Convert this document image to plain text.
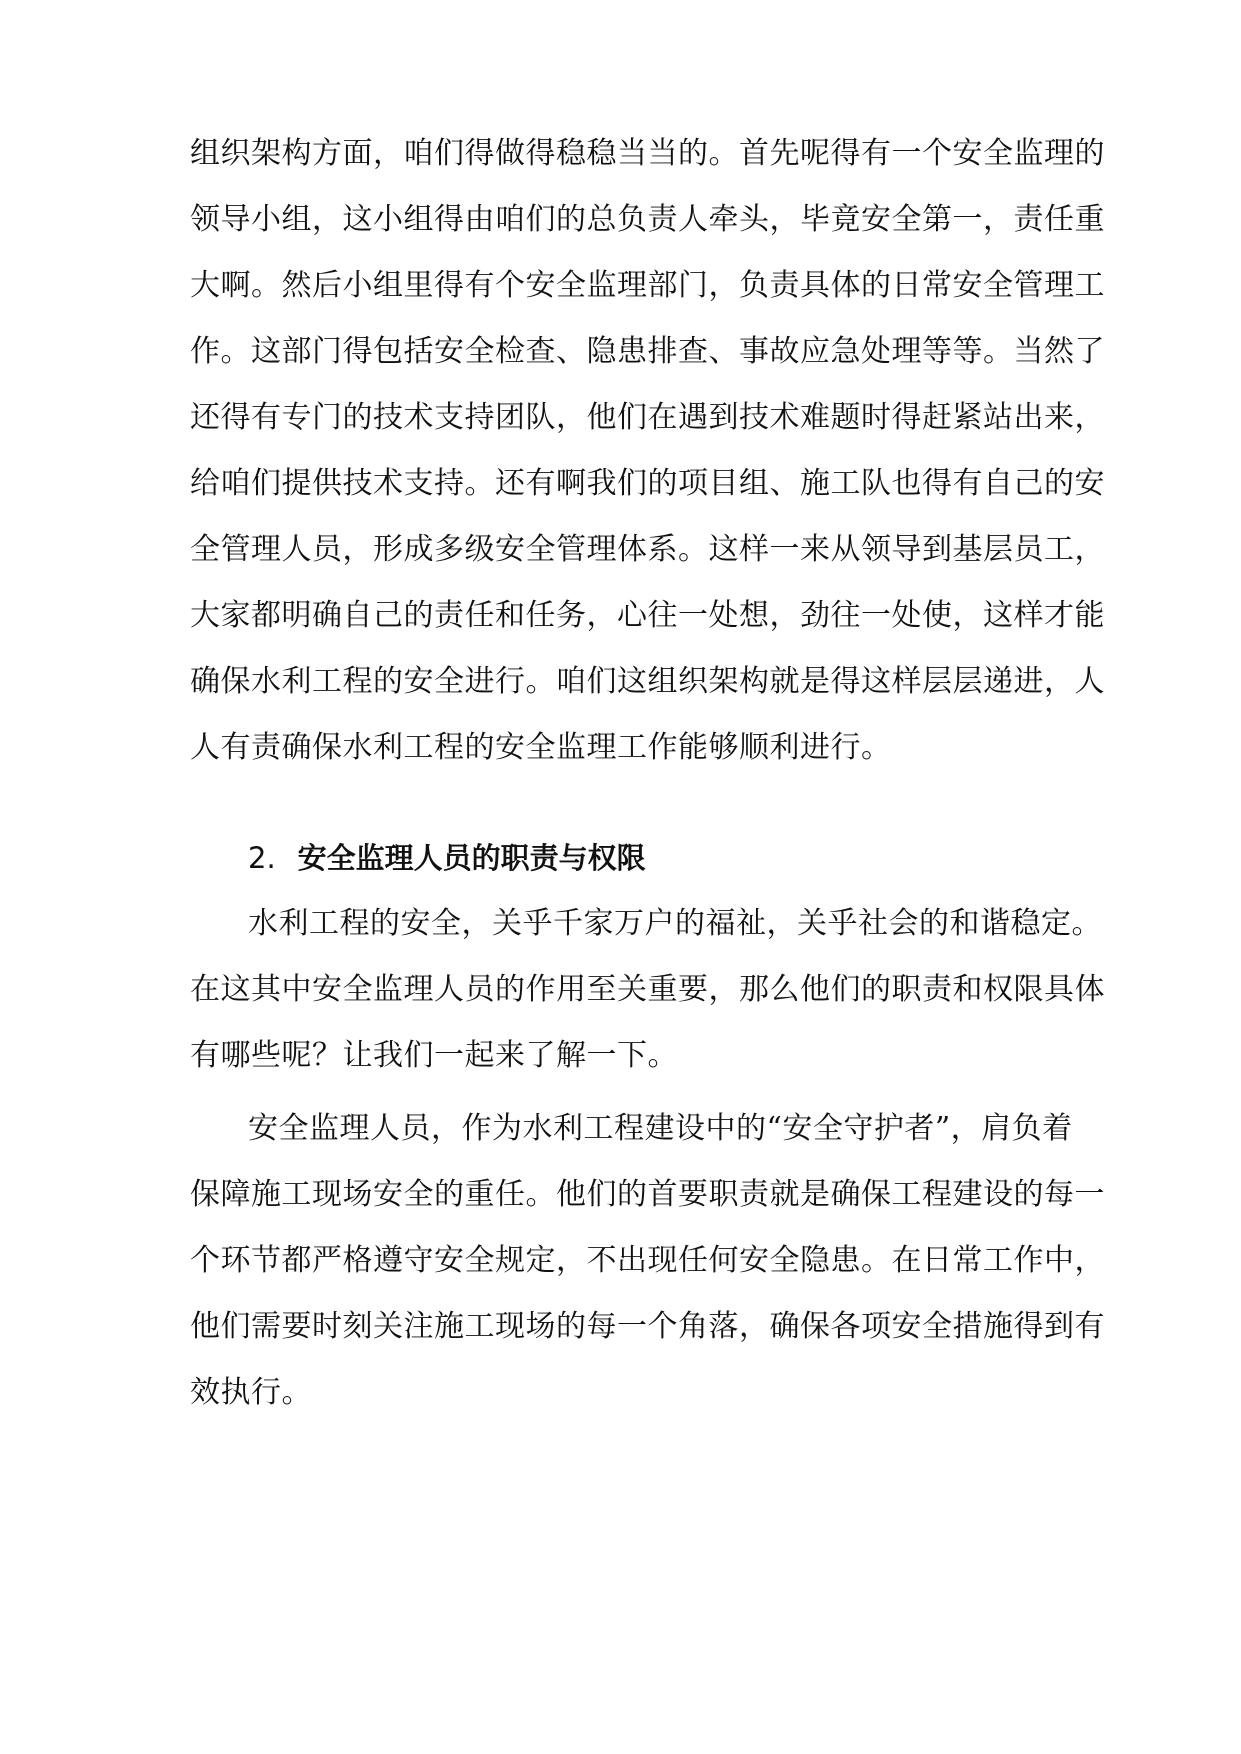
组织架构方面，咱们得做得稳稳当当的。首先呢得有一个安全监理的
领导小组，这小组得由咱们的总负责人牵头，毕竟安全第一，责任重
大啊。然后小组里得有个安全监理部门，负责具体的日常安全管理工
作。这部门得包括安全检查、隐患排查、事故应急处理等等。当然了
还得有专门的技术支持团队，他们在遇到技术难题时得赶紧站出来，
给咱们提供技术支持。还有啊我们的项目组、施工队也得有自己的安
全管理人员，形成多级安全管理体系。这样一来从领导到基层员工，
大家都明确自己的责任和任务，心往一处想，劲往一处使，这样才能
确保水利工程的安全进行。咱们这组织架构就是得这样层层递进，人
人有责确保水利工程的安全监理工作能够顺利进行。
2. 安全监理人员的职责与权限
水利工程的安全，关乎千家万户的福祉，关乎社会的和谐稳定。
在这其中安全监理人员的作用至关重要，那么他们的职责和权限具体
有哪些呢？让我们一起来了解一下。
安全监理人员，作为水利工程建设中的“安全守护者”，肩负着
保障施工现场安全的重任。他们的首要职责就是确保工程建设的每一
个环节都严格遵守安全规定，不出现任何安全隐患。在日常工作中，
他们需要时刻关注施工现场的每一个角落，确保各项安全措施得到有
效执行。
